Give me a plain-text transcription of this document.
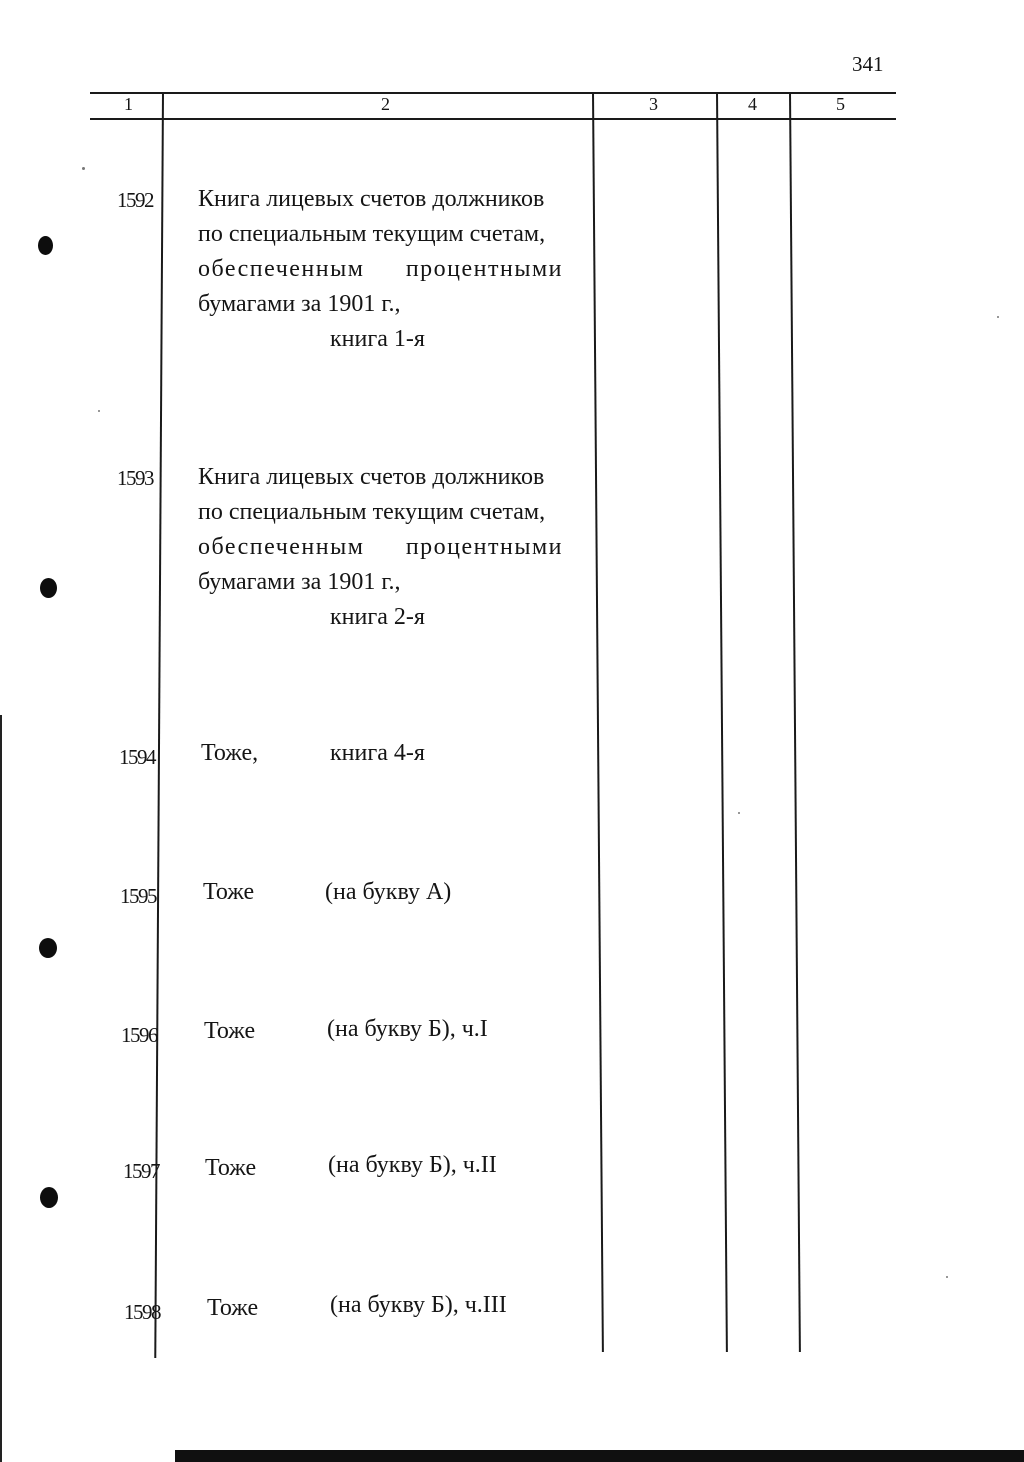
341
1	2	3	4	5
1592 Книга лицевых счетов должников
по специальным текущим счетам,
обеспеченным процентными
бумагами за 1901 г.,
книга 1-я
1593 Книга лицевых счетов должников
по специальным текущим счетам,
обеспеченным процентными
бумагами за 1901 г.,
книга 2-я
1594 Тоже,	книга 4-я
1595 Тоже	(на букву А)
1596 Тоже	(на букву Б), ч.I
1597 Тоже	(на букву Б), ч.II
1598 Тоже	(на букву Б), ч.III
